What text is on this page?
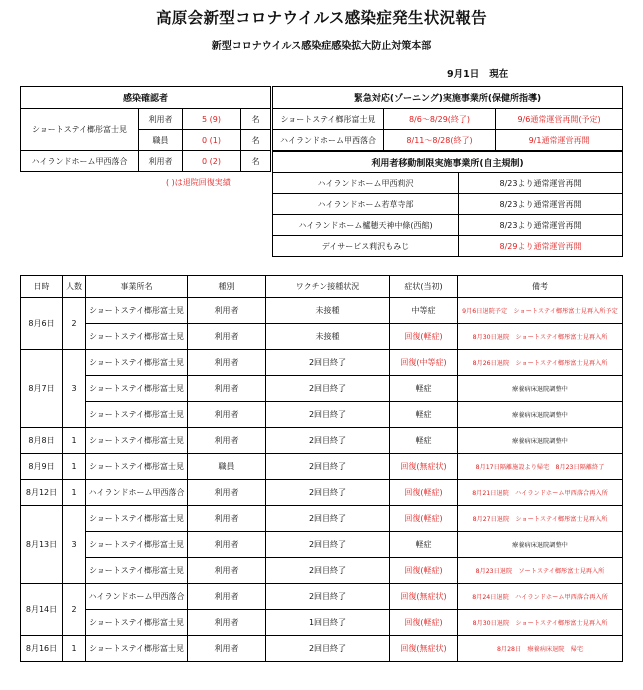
高原会新型コロナウイルス感染症発生状況報告
新型コロナウイルス感染症感染拡大防止対策本部
9月1日 現在
感染確認者			
ショートステイ榔彤富士見	利用者	5 (9)	名
	職員	0 (1)	名
ハイランドホーム甲西落合	利用者	0 (2)	名
( )は退院回復実績
緊急対応(ゾーニング)実施事業所(保健所指導)		
ショートステイ榔彤富士見	8/6～8/29(終了)	9/6通常運営再開(予定)
ハイランドホーム甲西落合	8/11～8/28(終了)	9/1通常運営再開
利用者移動制限実施事業所(自主規制)	
ハイランドホーム甲西莉沢	8/23より通常運営再開
ハイランドホーム若草寺部	8/23より通常運営再開
ハイランドホーム櫨穂天神中條(西館)	8/23より通常運営再開
デイサービス莉沢もみじ	8/29より通常運営再開
日時	人数	事業所名	種別	ワクチン接種状況	症状(当初)	備考
8月6日	2	ショートステイ榔彤富士見	利用者	未接種	中等症	9月6日退院予定　ショートステイ榔彤富士見再入所予定
		ショートステイ榔彤富士見	利用者	未接種	回復(軽症)	8月30日退院　ショートステイ榔彤富士見再入所
8月7日	3	ショートステイ榔彤富士見	利用者	2回目終了	回復(中等症)	8月26日退院　ショートステイ榔彤富士見再入所
		ショートステイ榔彤富士見	利用者	2回目終了	軽症	療養病床退院調整中
		ショートステイ榔彤富士見	利用者	2回目終了	軽症	療養病床退院調整中
8月8日	1	ショートステイ榔彤富士見	利用者	2回目終了	軽症	療養病床退院調整中
8月9日	1	ショートステイ榔彤富士見	職員	2回目終了	回復(無症状)	8月17日隔離施設より帰宅　8月23日隔離終了
8月12日	1	ハイランドホーム甲西落合	利用者	2回目終了	回復(軽症)	8月21日退院　ハイランドホーム甲西落合再入所
8月13日	3	ショートステイ榔彤富士見	利用者	2回目終了	回復(軽症)	8月27日退院　ショートステイ榔彤富士見再入所
		ショートステイ榔彤富士見	利用者	2回目終了	軽症	療養病床退院調整中
		ショートステイ榔彤富士見	利用者	2回目終了	回復(軽症)	8月23日退院　ソートステイ榔彤富士見再入所
8月14日	2	ハイランドホーム甲西落合	利用者	2回目終了	回復(無症状)	8月24日退院　ハイランドホーム甲西落合再入所
		ショートステイ榔彤富士見	利用者	1回目終了	回復(軽症)	8月30日退院　ショートステイ榔彤富士見再入所
8月16日	1	ショートステイ榔彤富士見	利用者	2回目終了	回復(無症状)	8月28日　療養病床退院　帰宅
